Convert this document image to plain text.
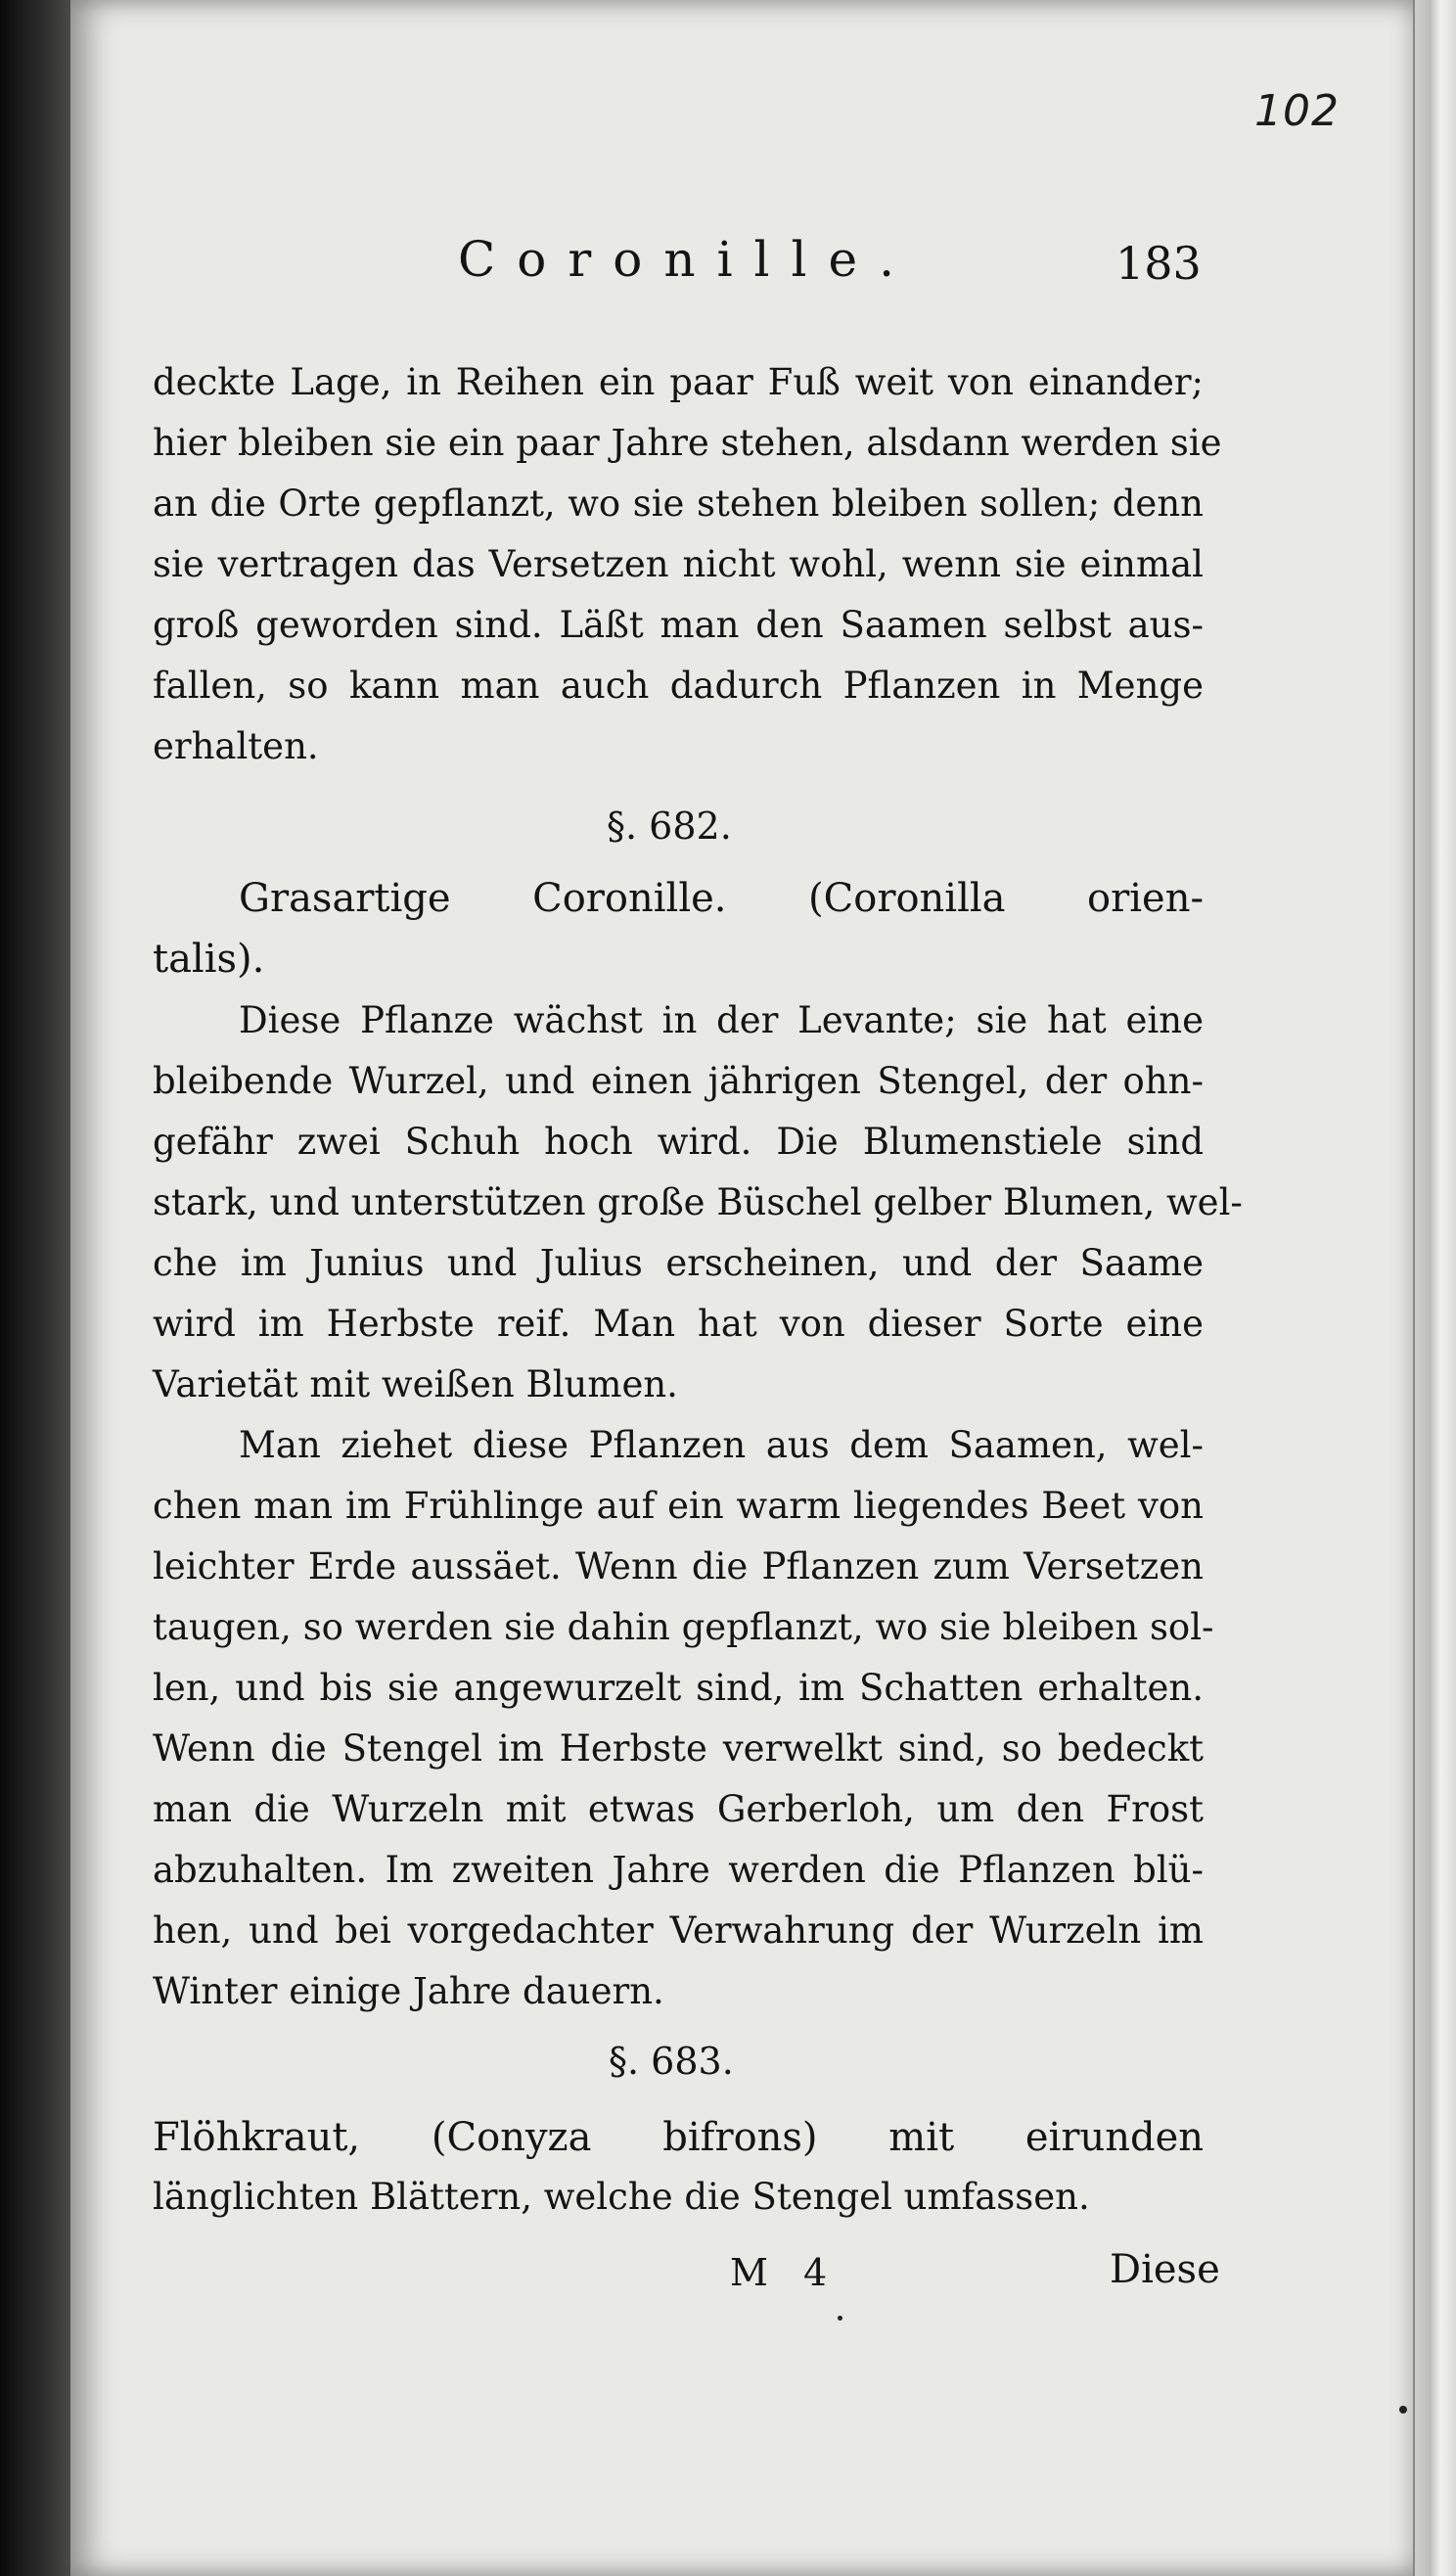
102
Coronille.	183
deckte Lage, in Reihen ein paar Fuß weit von einander;
hier bleiben sie ein paar Jahre stehen, alsdann werden sie
an die Orte gepflanzt, wo sie stehen bleiben sollen; denn
sie vertragen das Versetzen nicht wohl, wenn sie einmal
groß geworden sind. Läßt man den Saamen selbst aus-
fallen, so kann man auch dadurch Pflanzen in Menge
erhalten.
§. 682.
Grasartige Coronille. (Coronilla orien-
talis).
Diese Pflanze wächst in der Levante; sie hat eine
bleibende Wurzel, und einen jährigen Stengel, der ohn-
gefähr zwei Schuh hoch wird. Die Blumenstiele sind
stark, und unterstützen große Büschel gelber Blumen, wel-
che im Junius und Julius erscheinen, und der Saame
wird im Herbste reif. Man hat von dieser Sorte eine
Varietät mit weißen Blumen.
Man ziehet diese Pflanzen aus dem Saamen, wel-
chen man im Frühlinge auf ein warm liegendes Beet von
leichter Erde aussäet. Wenn die Pflanzen zum Versetzen
taugen, so werden sie dahin gepflanzt, wo sie bleiben sol-
len, und bis sie angewurzelt sind, im Schatten erhalten.
Wenn die Stengel im Herbste verwelkt sind, so bedeckt
man die Wurzeln mit etwas Gerberloh, um den Frost
abzuhalten. Im zweiten Jahre werden die Pflanzen blü-
hen, und bei vorgedachter Verwahrung der Wurzeln im
Winter einige Jahre dauern.
§. 683.
Flöhkraut, (Conyza bifrons) mit eirunden
länglichten Blättern, welche die Stengel umfassen.
M 4	Diese
